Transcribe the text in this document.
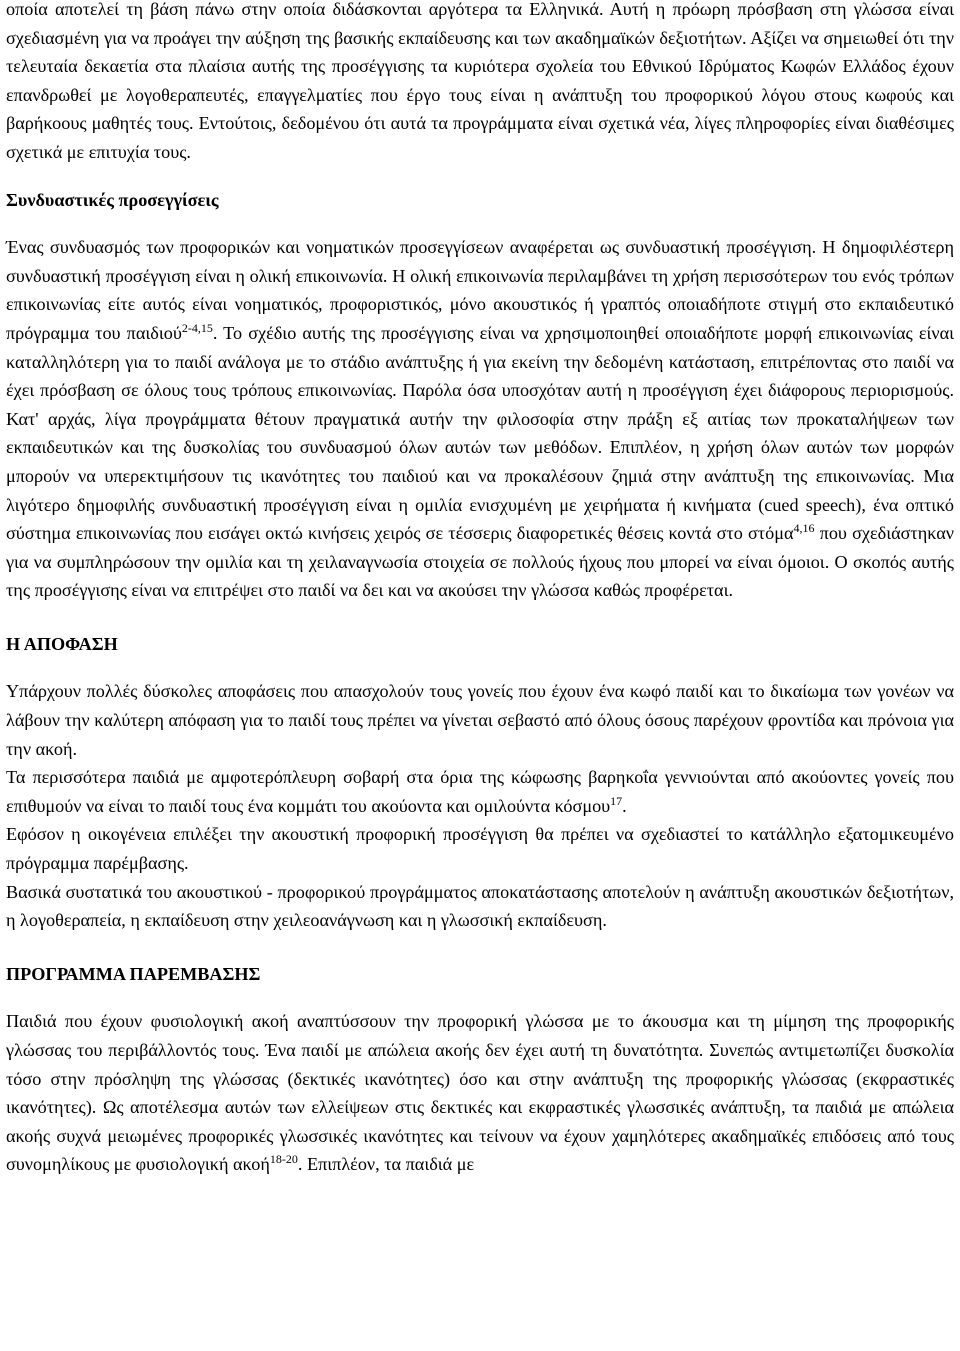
οποία αποτελεί τη βάση πάνω στην οποία διδάσκονται αργότερα τα Ελληνικά. Αυτή η πρόωρη πρόσβαση στη γλώσσα είναι σχεδιασμένη για να προάγει την αύξηση της βασικής εκπαίδευσης και των ακαδημαϊκών δεξιοτήτων. Αξίζει να σημειωθεί ότι την τελευταία δεκαετία στα πλαίσια αυτής της προσέγγισης τα κυριότερα σχολεία του Εθνικού Ιδρύματος Κωφών Ελλάδος έχουν επανδρωθεί με λογοθεραπευτές, επαγγελματίες που έργο τους είναι η ανάπτυξη του προφορικού λόγου στους κωφούς και βαρήκοους μαθητές τους. Εντούτοις, δεδομένου ότι αυτά τα προγράμματα είναι σχετικά νέα, λίγες πληροφορίες είναι διαθέσιμες σχετικά με επιτυχία τους.

Συνδυαστικές προσεγγίσεις

Ένας συνδυασμός των προφορικών και νοηματικών προσεγγίσεων αναφέρεται ως συνδυαστική προσέγγιση. Η δημοφιλέστερη συνδυαστική προσέγγιση είναι η ολική επικοινωνία. Η ολική επικοινωνία περιλαμβάνει τη χρήση περισσότερων του ενός τρόπων επικοινωνίας είτε αυτός είναι νοηματικός, προφοριστικός, μόνο ακουστικός ή γραπτός οποιαδήποτε στιγμή στο εκπαιδευτικό πρόγραμμα του παιδιού$^{2-4,15}$. Το σχέδιο αυτής της προσέγγισης είναι να χρησιμοποιηθεί οποιαδήποτε μορφή επικοινωνίας είναι καταλληλότερη για το παιδί ανάλογα με το στάδιο ανάπτυξης ή για εκείνη την δεδομένη κατάσταση, επιτρέποντας στο παιδί να έχει πρόσβαση σε όλους τους τρόπους επικοινωνίας. Παρόλα όσα υποσχόταν αυτή η προσέγγιση έχει διάφορους περιορισμούς. Κατ' αρχάς, λίγα προγράμματα θέτουν πραγματικά αυτήν την φιλοσοφία στην πράξη εξ αιτίας των προκαταλήψεων των εκπαιδευτικών και της δυσκολίας του συνδυασμού όλων αυτών των μεθόδων. Επιπλέον, η χρήση όλων αυτών των μορφών μπορούν να υπερεκτιμήσουν τις ικανότητες του παιδιού και να προκαλέσουν ζημιά στην ανάπτυξη της επικοινωνίας. Μια λιγότερο δημοφιλής συνδυαστική προσέγγιση είναι η ομιλία ενισχυμένη με χειρήματα ή κινήματα (cued speech), ένα οπτικό σύστημα επικοινωνίας που εισάγει οκτώ κινήσεις χειρός σε τέσσερις διαφορετικές θέσεις κοντά στο στόμα$^{4,16}$ που σχεδιάστηκαν για να συμπληρώσουν την ομιλία και τη χειλαναγνωσία στοιχεία σε πολλούς ήχους που μπορεί να είναι όμοιοι. Ο σκοπός αυτής της προσέγγισης είναι να επιτρέψει στο παιδί να δει και να ακούσει την γλώσσα καθώς προφέρεται.

Η ΑΠΟΦΑΣΗ

Υπάρχουν πολλές δύσκολες αποφάσεις που απασχολούν τους γονείς που έχουν ένα κωφό παιδί και το δικαίωμα των γονέων να λάβουν την καλύτερη απόφαση για το παιδί τους πρέπει να γίνεται σεβαστό από όλους όσους παρέχουν φροντίδα και πρόνοια για την ακοή.

Τα περισσότερα παιδιά με αμφοτερόπλευρη σοβαρή στα όρια της κώφωσης βαρηκοΐα γεννιούνται από ακούοντες γονείς που επιθυμούν να είναι το παιδί τους ένα κομμάτι του ακούοντα και ομιλούντα κόσμου$^{17}$.

Εφόσον η οικογένεια επιλέξει την ακουστική προφορική προσέγγιση θα πρέπει να σχεδιαστεί το κατάλληλο εξατομικευμένο πρόγραμμα παρέμβασης.

Βασικά συστατικά του ακουστικού - προφορικού προγράμματος αποκατάστασης αποτελούν η ανάπτυξη ακουστικών δεξιοτήτων, η λογοθεραπεία, η εκπαίδευση στην χειλεοανάγνωση και η γλωσσική εκπαίδευση.

ΠΡΟΓΡΑΜΜΑ ΠΑΡΕΜΒΑΣΗΣ

Παιδιά που έχουν φυσιολογική ακοή αναπτύσσουν την προφορική γλώσσα με το άκουσμα και τη μίμηση της προφορικής γλώσσας του περιβάλλοντός τους. Ένα παιδί με απώλεια ακοής δεν έχει αυτή τη δυνατότητα. Συνεπώς αντιμετωπίζει δυσκολία τόσο στην πρόσληψη της γλώσσας (δεκτικές ικανότητες) όσο και στην ανάπτυξη της προφορικής γλώσσας (εκφραστικές ικανότητες). Ως αποτέλεσμα αυτών των ελλείψεων στις δεκτικές και εκφραστικές γλωσσικές ανάπτυξη, τα παιδιά με απώλεια ακοής συχνά μειωμένες προφορικές γλωσσικές ικανότητες και τείνουν να έχουν χαμηλότερες ακαδημαϊκές επιδόσεις από τους συνομηλίκους με φυσιολογική ακοή$^{18-20}$. Επιπλέον, τα παιδιά με
